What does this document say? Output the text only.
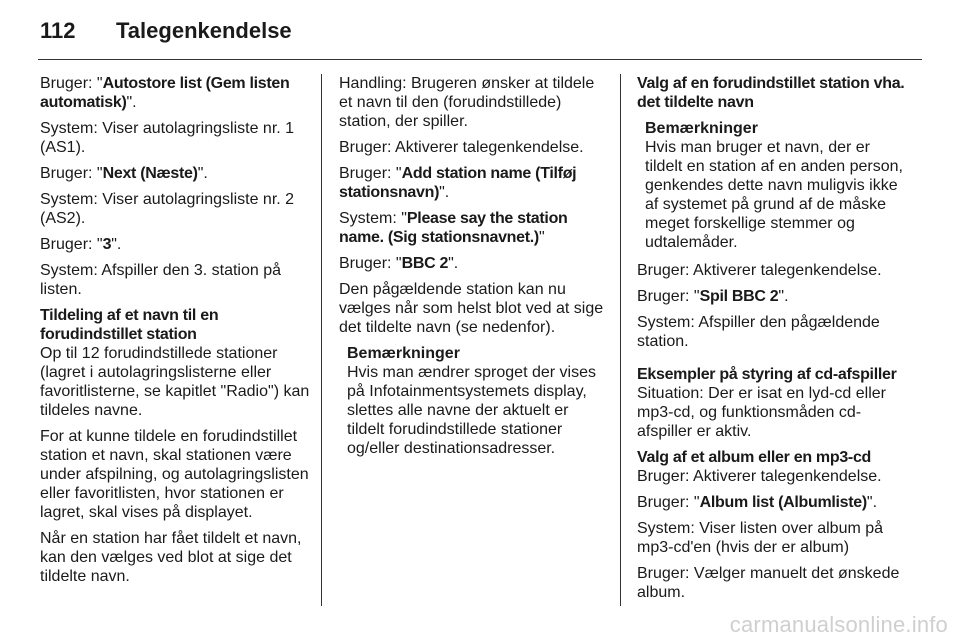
112	Talegenkendelse

Bruger: "Autostore list (Gem listen automatisk)".

System: Viser autolagringsliste nr. 1 (AS1).

Bruger: "Next (Næste)".

System: Viser autolagringsliste nr. 2 (AS2).

Bruger: "3".

System: Afspiller den 3. station på listen.

Tildeling af et navn til en forudindstillet station

Op til 12 forudindstillede stationer (lagret i autolagringslisterne eller favoritlisterne, se kapitlet "Radio") kan tildeles navne.

For at kunne tildele en forudindstillet station et navn, skal stationen være under afspilning, og autolagringslisten eller favoritlisten, hvor stationen er lagret, skal vises på displayet.

Når en station har fået tildelt et navn, kan den vælges ved blot at sige det tildelte navn.

Handling: Brugeren ønsker at tildele et navn til den (forudindstillede) station, der spiller.

Bruger: Aktiverer talegenkendelse.

Bruger: "Add station name (Tilføj stationsnavn)".

System: "Please say the station name. (Sig stationsnavnet.)"

Bruger: "BBC 2".

Den pågældende station kan nu vælges når som helst blot ved at sige det tildelte navn (se nedenfor).

Bemærkninger
Hvis man ændrer sproget der vises på Infotainmentsystemets display, slettes alle navne der aktuelt er tildelt forudindstillede stationer og/eller destinationsadresser.
Valg af en forudindstillet station vha. det tildelte navn
Bemærkninger
Hvis man bruger et navn, der er tildelt en station af en anden person, genkendes dette navn muligvis ikke af systemet på grund af de måske meget forskellige stemmer og udtalemåder.

Bruger: Aktiverer talegenkendelse.

Bruger: "Spil BBC 2".

System: Afspiller den pågældende station.

Eksempler på styring af cd-afspiller

Situation: Der er isat en lyd-cd eller mp3-cd, og funktionsmåden cd-afspiller er aktiv.

Valg af et album eller en mp3-cd

Bruger: Aktiverer talegenkendelse.

Bruger: "Album list (Albumliste)".

System: Viser listen over album på mp3-cd'en (hvis der er album)

Bruger: Vælger manuelt det ønskede album.

carmanualsonline.info
